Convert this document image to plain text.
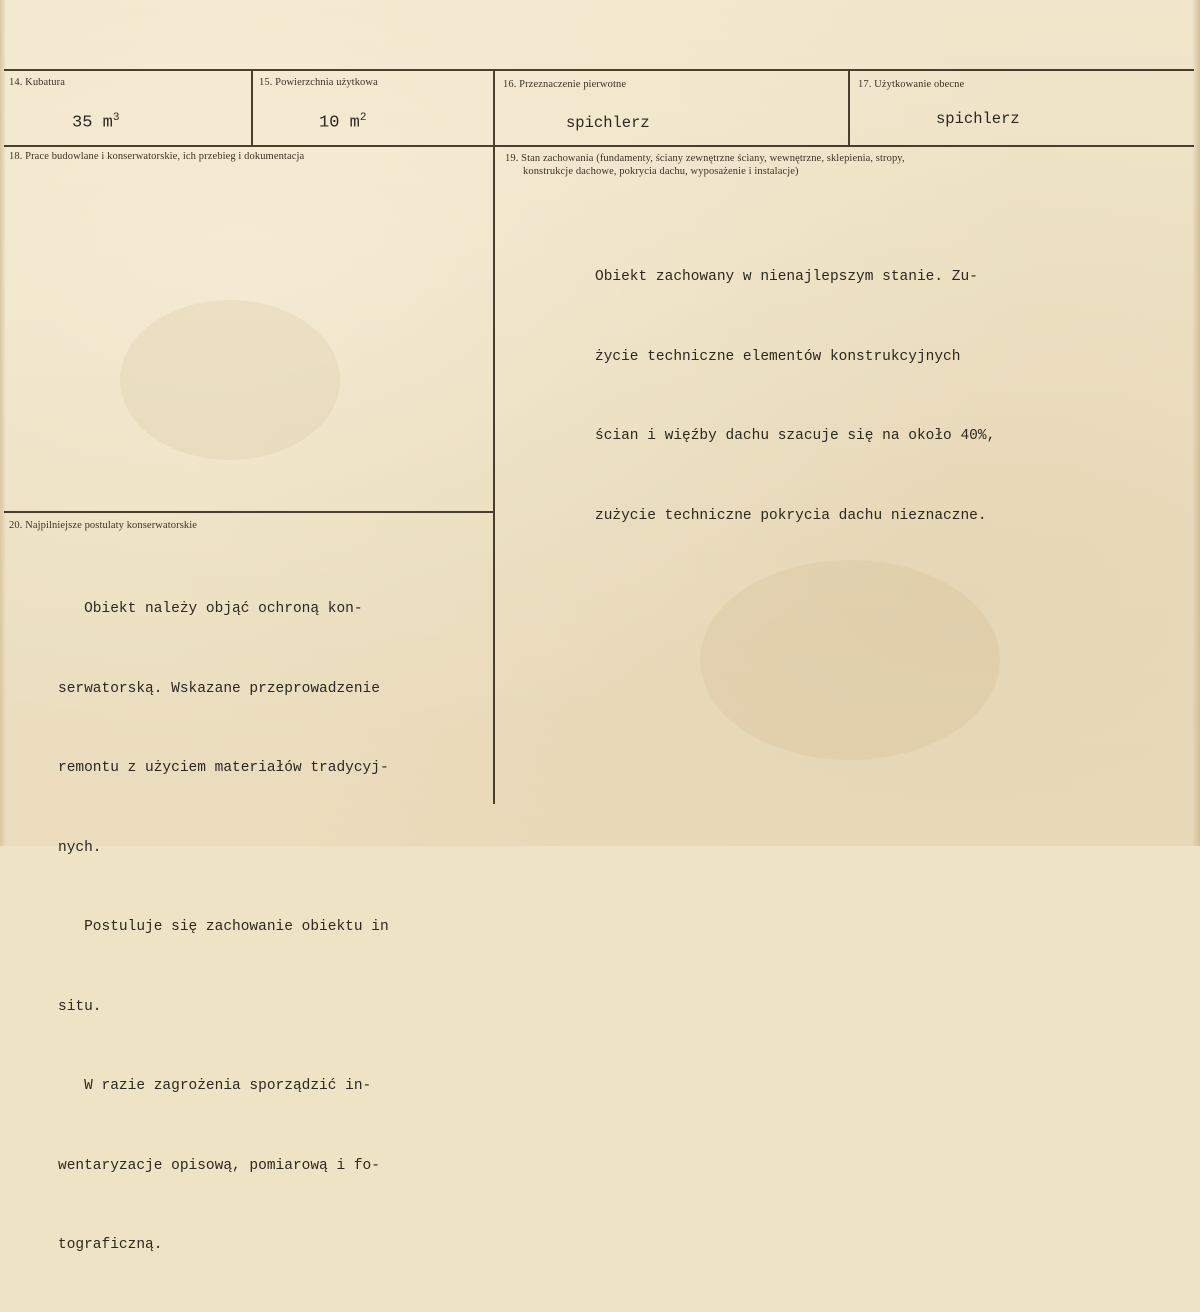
14. Kubatura
35 $m^3$
15. Powierzchnia użytkowa
10 $m^2$
16. Przeznaczenie pierwotne
spichlerz
17. Użytkowanie obecne
spichlerz
18. Prace budowlane i konserwatorskie, ich przebieg i dokumentacja	19. Stan zachowania (fundamenty, ściany zewnętrzne ściany, wewnętrzne, sklepienia, stropy,
konstrukcje dachowe, pokrycia dachu, wyposażenie i instalacje)

Obiekt zachowany w nienajlepszym stanie. Zu-

życie techniczne elementów konstrukcyjnych

ścian i więźby dachu szacuje się na około 40%,

zużycie techniczne pokrycia dachu nieznaczne.

20. Najpilniejsze postulaty konserwatorskie

Obiekt należy objąć ochroną kon-

serwatorską. Wskazane przeprowadzenie

remontu z użyciem materiałów tradycyj-

nych.

Postuluje się zachowanie obiektu in

situ.

W razie zagrożenia sporządzić in-

wentaryzacje opisową, pomiarową i fo-

tograficzną.
